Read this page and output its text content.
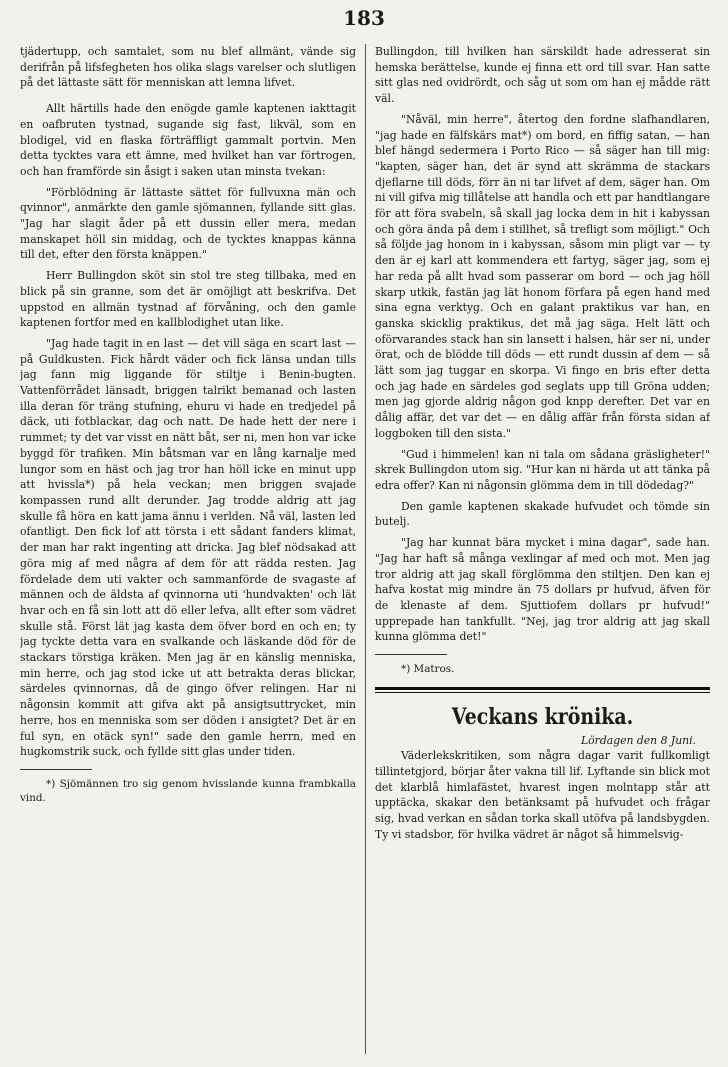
183

tjädertupp, och samtalet, som nu blef allmänt, vände sig derifrån på lifsfegheten hos olika slags varelser och slutligen på det lättaste sätt för menniskan att lemna lifvet.

Allt härtills hade den enögde gamle kaptenen iakttagit en oafbruten tystnad, sugande sig fast, likväl, som en blodigel, vid en flaska förträffligt gammalt portvin. Men detta tycktes vara ett ämne, med hvilket han var förtrogen, och han framförde sin åsigt i saken utan minsta tvekan:

"Förblödning är lättaste sättet för fullvuxna män och qvinnor", anmärkte den gamle sjömannen, fyllande sitt glas. "Jag har slagit åder på ett dussin eller mera, medan manskapet höll sin middag, och de tycktes knappas känna till det, efter den första knäppen."

Herr Bullingdon sköt sin stol tre steg tillbaka, med en blick på sin granne, som det är omöjligt att beskrifva. Det uppstod en allmän tystnad af förvåning, och den gamle kaptenen fortfor med en kallblodighet utan like.

"Jag hade tagit in en last — det vill säga en scart last — på Guldkusten. Fick hårdt väder och fick länsa undan tills jag fann mig liggande för stiltje i Benin-bugten. Vattenförrådet länsadt, briggen talrikt bemanad och lasten illa deran för träng stufning, ehuru vi hade en tredjedel på däck, uti fotblackar, dag och natt. De hade hett der nere i rummet; ty det var visst en nätt båt, ser ni, men hon var icke byggd för trafiken. Min båtsman var en lång karnalje med lungor som en häst och jag tror han höll icke en minut upp att hvissla*) på hela veckan; men briggen svajade kompassen rund allt derunder. Jag trodde aldrig att jag skulle få höra en katt jama ännu i verlden. Nå väl, lasten led ofantligt. Den fick lof att törsta i ett sådant fanders klimat, der man har rakt ingenting att dricka. Jag blef nödsakad att göra mig af med några af dem för att rädda resten. Jag fördelade dem uti vakter och sammanförde de svagaste af männen och de äldsta af qvinnorna uti 'hundvakten' och lät hvar och en få sin lott att dö eller lefva, allt efter som vädret skulle stå. Först lät jag kasta dem öfver bord en och en; ty jag tyckte detta vara en svalkande och läskande död för de stackars törstiga kräken. Men jag är en känslig menniska, min herre, och jag stod icke ut att betrakta deras blickar, särdeles qvinnornas, då de gingo öfver relingen. Har ni någonsin kommit att gifva akt på ansigtsuttrycket, min herre, hos en menniska som ser döden i ansigtet? Det är en ful syn, en otäck syn!" sade den gamle herrn, med en hugkomstrik suck, och fyllde sitt glas under tiden.

*) Sjömännen tro sig genom hvisslande kunna frambkalla vind.

Bullingdon, till hvilken han särskildt hade adresserat sin hemska berättelse, kunde ej finna ett ord till svar. Han satte sitt glas ned ovidrördt, och såg ut som om han ej mådde rätt väl.

"Nåväl, min herre", återtog den fordne slafhandlaren, "jag hade en fälfskärs mat*) om bord, en fiffig satan, — han blef hängd sedermera i Porto Rico — så säger han till mig: "kapten, säger han, det är synd att skrämma de stackars djeflarne till döds, förr än ni tar lifvet af dem, säger han. Om ni vill gifva mig tillåtelse att handla och ett par handtlangare för att föra svabeln, så skall jag locka dem in hit i kabyssan och göra ända på dem i stillhet, så trefligt som möjligt." Och så följde jag honom in i kabyssan, såsom min pligt var — ty den är ej karl att kommendera ett fartyg, säger jag, som ej har reda på allt hvad som passerar om bord — och jag höll skarp utkik, fastän jag lät honom förfara på egen hand med sina egna verktyg. Och en galant praktikus var han, en ganska skicklig praktikus, det må jag säga. Helt lätt och oförvarandes stack han sin lansett i halsen, här ser ni, under örat, och de blödde till döds — ett rundt dussin af dem — så lätt som jag tuggar en skorpa. Vi fingo en bris efter detta och jag hade en särdeles god seglats upp till Gröna udden; men jag gjorde aldrig någon god knpp derefter. Det var en dålig affär, det var det — en dålig affär från första sidan af loggboken till den sista."

"Gud i himmelen! kan ni tala om sådana gräsligheter!" skrek Bullingdon utom sig. "Hur kan ni härda ut att tänka på edra offer? Kan ni någonsin glömma dem in till dödedag?"

Den gamle kaptenen skakade hufvudet och tömde sin butelj.

"Jag har kunnat bära mycket i mina dagar", sade han. "Jag har haft så många vexlingar af med och mot. Men jag tror aldrig att jag skall förglömma den stiltjen. Den kan ej hafva kostat mig mindre än 75 dollars pr hufvud, äfven för de klenaste af dem. Sjuttiofem dollars pr hufvud!" upprepade han tankfullt. "Nej, jag tror aldrig att jag skall kunna glömma det!"

*) Matros.

Veckans krönika.

Lördagen den 8 Juni.

Väderlekskritiken, som några dagar varit fullkomligt tillintetgjord, börjar åter vakna till lif. Lyftande sin blick mot det klarblå himlafästet, hvarest ingen molntapp står att upptäcka, skakar den betänksamt på hufvudet och frågar sig, hvad verkan en sådan torka skall utöfva på landsbygden. Ty vi stadsbor, för hvilka vädret är något så himmelsvig-
